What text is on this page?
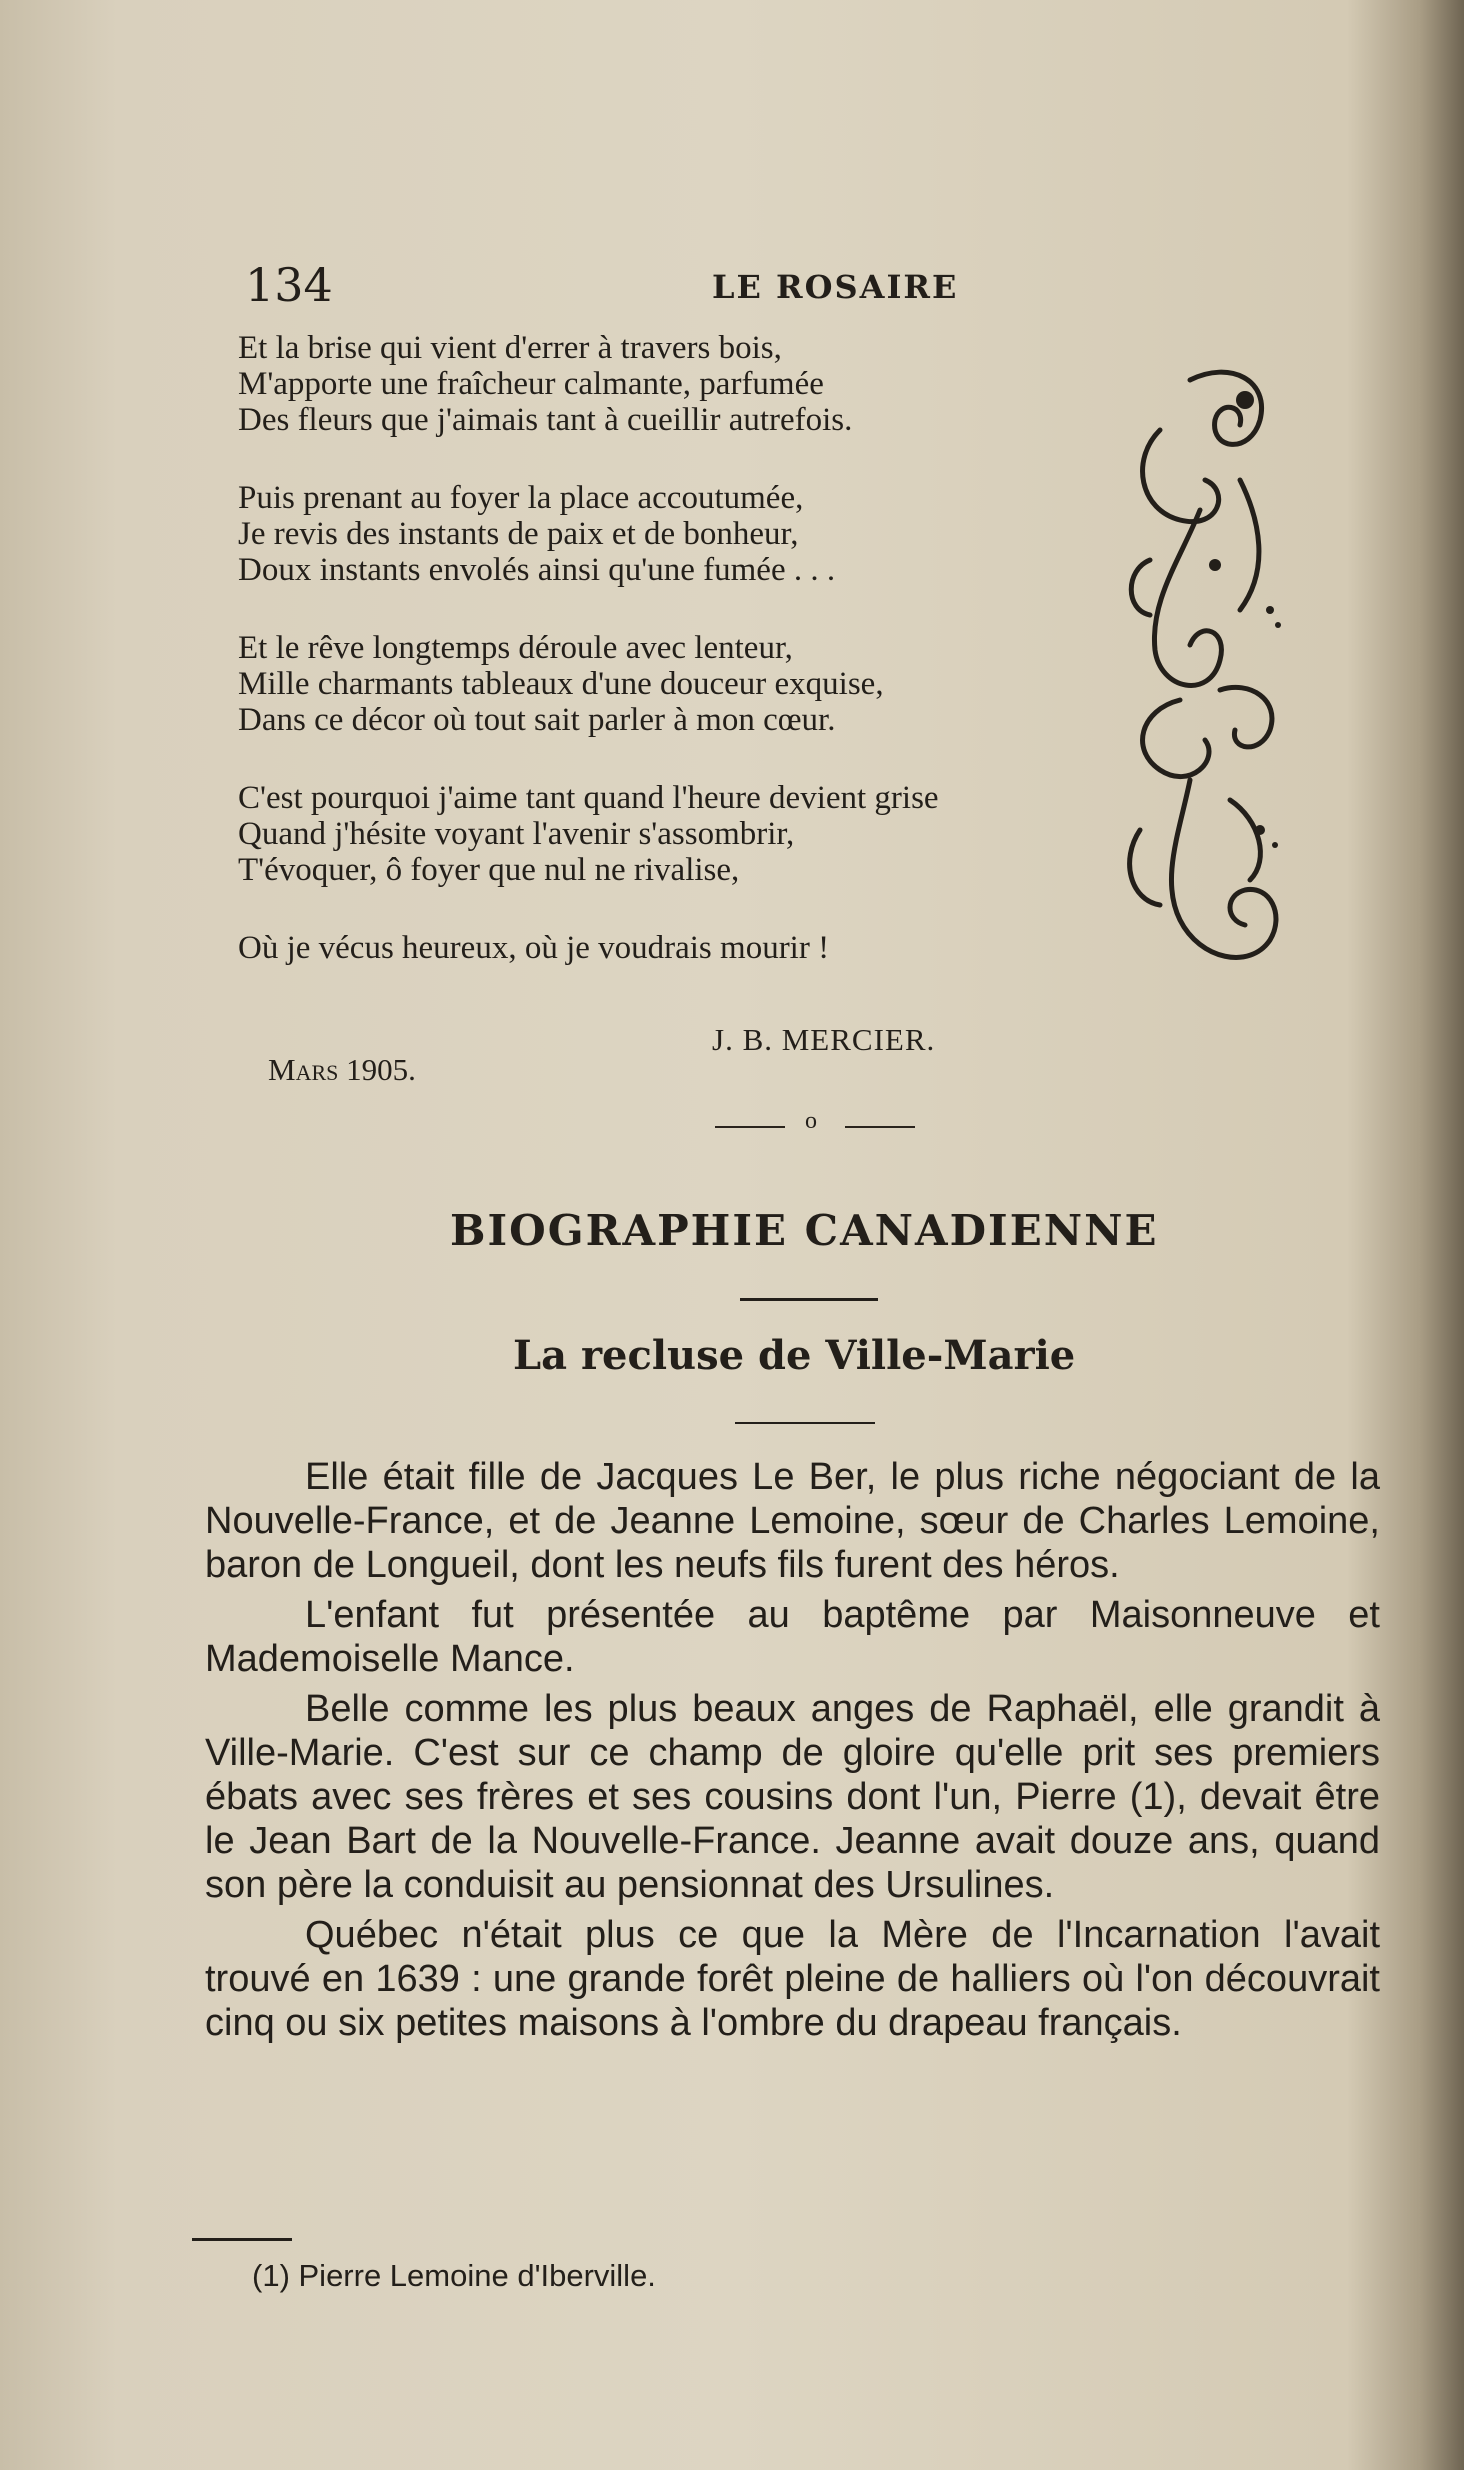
134	LE ROSAIRE
Et la brise qui vient d'errer à travers bois,
M'apporte une fraîcheur calmante, parfumée
Des fleurs que j'aimais tant à cueillir autrefois.
Puis prenant au foyer la place accoutumée,
Je revis des instants de paix et de bonheur,
Doux instants envolés ainsi qu'une fumée . . .
Et le rêve longtemps déroule avec lenteur,
Mille charmants tableaux d'une douceur exquise,
Dans ce décor où tout sait parler à mon cœur.
C'est pourquoi j'aime tant quand l'heure devient grise
Quand j'hésite voyant l'avenir s'assombrir,
T'évoquer, ô foyer que nul ne rivalise,
Où je vécus heureux, où je voudrais mourir !
J. B. MERCIER.
Mars 1905.
o
BIOGRAPHIE CANADIENNE
La recluse de Ville-Marie

Elle était fille de Jacques Le Ber, le plus riche négociant de la Nouvelle-France, et de Jeanne Lemoine, sœur de Charles Lemoine, baron de Longueil, dont les neufs fils furent des héros.

L'enfant fut présentée au baptême par Maisonneuve et Mademoiselle Mance.

Belle comme les plus beaux anges de Raphaël, elle grandit à Ville-Marie. C'est sur ce champ de gloire qu'elle prit ses premiers ébats avec ses frères et ses cousins dont l'un, Pierre (1), devait être le Jean Bart de la Nouvelle-France. Jeanne avait douze ans, quand son père la conduisit au pensionnat des Ursulines.

Québec n'était plus ce que la Mère de l'Incarnation l'avait trouvé en 1639 : une grande forêt pleine de halliers où l'on découvrait cinq ou six petites maisons à l'ombre du drapeau français.

(1) Pierre Lemoine d'Iberville.
